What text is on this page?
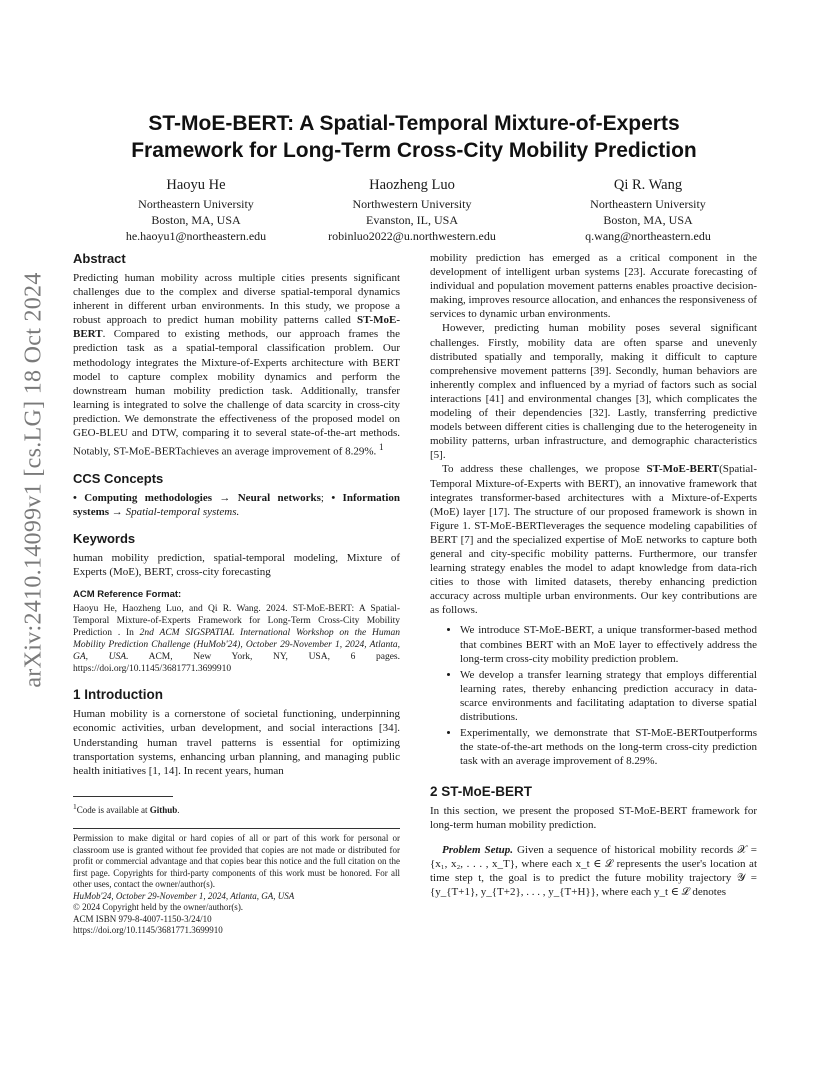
arXiv:2410.14099v1 [cs.LG] 18 Oct 2024
ST-MoE-BERT: A Spatial-Temporal Mixture-of-Experts
Framework for Long-Term Cross-City Mobility Prediction
Haoyu He
Northeastern University
Boston, MA, USA
he.haoyu1@northeastern.edu
Haozheng Luo
Northwestern University
Evanston, IL, USA
robinluo2022@u.northwestern.edu
Qi R. Wang
Northeastern University
Boston, MA, USA
q.wang@northeastern.edu
Abstract

Predicting human mobility across multiple cities presents significant challenges due to the complex and diverse spatial-temporal dynamics inherent in different urban environments. In this study, we propose a robust approach to predict human mobility patterns called ST-MoE-BERT. Compared to existing methods, our approach frames the prediction task as a spatial-temporal classification problem. Our methodology integrates the Mixture-of-Experts architecture with BERT model to capture complex mobility dynamics and perform the downstream human mobility prediction task. Additionally, transfer learning is integrated to solve the challenge of data scarcity in cross-city prediction. We demonstrate the effectiveness of the proposed model on GEO-BLEU and DTW, comparing it to several state-of-the-art methods. Notably, ST-MoE-BERTachieves an average improvement of 8.29%. $^1$

CCS Concepts

• Computing methodologies → Neural networks; • Information systems → Spatial-temporal systems.

Keywords

human mobility prediction, spatial-temporal modeling, Mixture of Experts (MoE), BERT, cross-city forecasting

ACM Reference Format:
Haoyu He, Haozheng Luo, and Qi R. Wang. 2024. ST-MoE-BERT: A Spatial-Temporal Mixture-of-Experts Framework for Long-Term Cross-City Mobility Prediction . In 2nd ACM SIGSPATIAL International Workshop on the Human Mobility Prediction Challenge (HuMob'24), October 29-November 1, 2024, Atlanta, GA, USA. ACM, New York, NY, USA, 6 pages. https://doi.org/10.1145/3681771.3699910
1 Introduction

Human mobility is a cornerstone of societal functioning, underpinning economic activities, urban development, and social interactions [34]. Understanding human travel patterns is essential for optimizing transportation systems, enhancing urban planning, and managing public health initiatives [1, 14]. In recent years, human

$^1$Code is available at Github.

Permission to make digital or hard copies of all or part of this work for personal or classroom use is granted without fee provided that copies are not made or distributed for profit or commercial advantage and that copies bear this notice and the full citation on the first page. Copyrights for third-party components of this work must be honored. For all other uses, contact the owner/author(s).

HuMob'24, October 29-November 1, 2024, Atlanta, GA, USA

© 2024 Copyright held by the owner/author(s).

ACM ISBN 979-8-4007-1150-3/24/10

https://doi.org/10.1145/3681771.3699910

mobility prediction has emerged as a critical component in the development of intelligent urban systems [23]. Accurate forecasting of individual and population movement patterns enables proactive decision-making, improves resource allocation, and enhances the responsiveness of services to dynamic urban environments.

However, predicting human mobility poses several significant challenges. Firstly, mobility data are often sparse and unevenly distributed spatially and temporally, making it difficult to capture comprehensive movement patterns [39]. Secondly, human behaviors are inherently complex and influenced by a myriad of factors such as social interactions [41] and environmental changes [3], which complicates the modeling of their dependencies [32]. Lastly, transferring predictive models between different cities is challenging due to the heterogeneity in mobility patterns, urban infrastructure, and demographic characteristics [5].

To address these challenges, we propose ST-MoE-BERT(Spatial-Temporal Mixture-of-Experts with BERT), an innovative framework that integrates transformer-based architectures with a Mixture-of-Experts (MoE) layer [17]. The structure of our proposed framework is shown in Figure 1. ST-MoE-BERTleverages the sequence modeling capabilities of BERT [7] and the specialized expertise of MoE networks to capture both general and city-specific mobility patterns. Furthermore, our transfer learning strategy enables the model to adapt knowledge from data-rich cities to those with limited datasets, thereby enhancing prediction accuracy across multiple urban environments. Our key contributions are as follows.

• We introduce ST-MoE-BERT, a unique transformer-based method that combines BERT with an MoE layer to effectively address the long-term cross-city mobility prediction problem.
• We develop a transfer learning strategy that employs differential learning rates, thereby enhancing prediction accuracy in data-scarce environments and facilitating adaptation to diverse spatial distributions.
• Experimentally, we demonstrate that ST-MoE-BERToutperforms the state-of-the-art methods on the long-term cross-city prediction task with an average improvement of 8.29%.
2 ST-MoE-BERT

In this section, we present the proposed ST-MoE-BERT framework for long-term human mobility prediction.

Problem Setup. Given a sequence of historical mobility records 𝒳 = {x₁, x₂, . . . , x_T}, where each x_t ∈ ℒ represents the user's location at time step t, the goal is to predict the future mobility trajectory 𝒴 = {y_{T+1}, y_{T+2}, . . . , y_{T+H}}, where each y_t ∈ ℒ denotes
